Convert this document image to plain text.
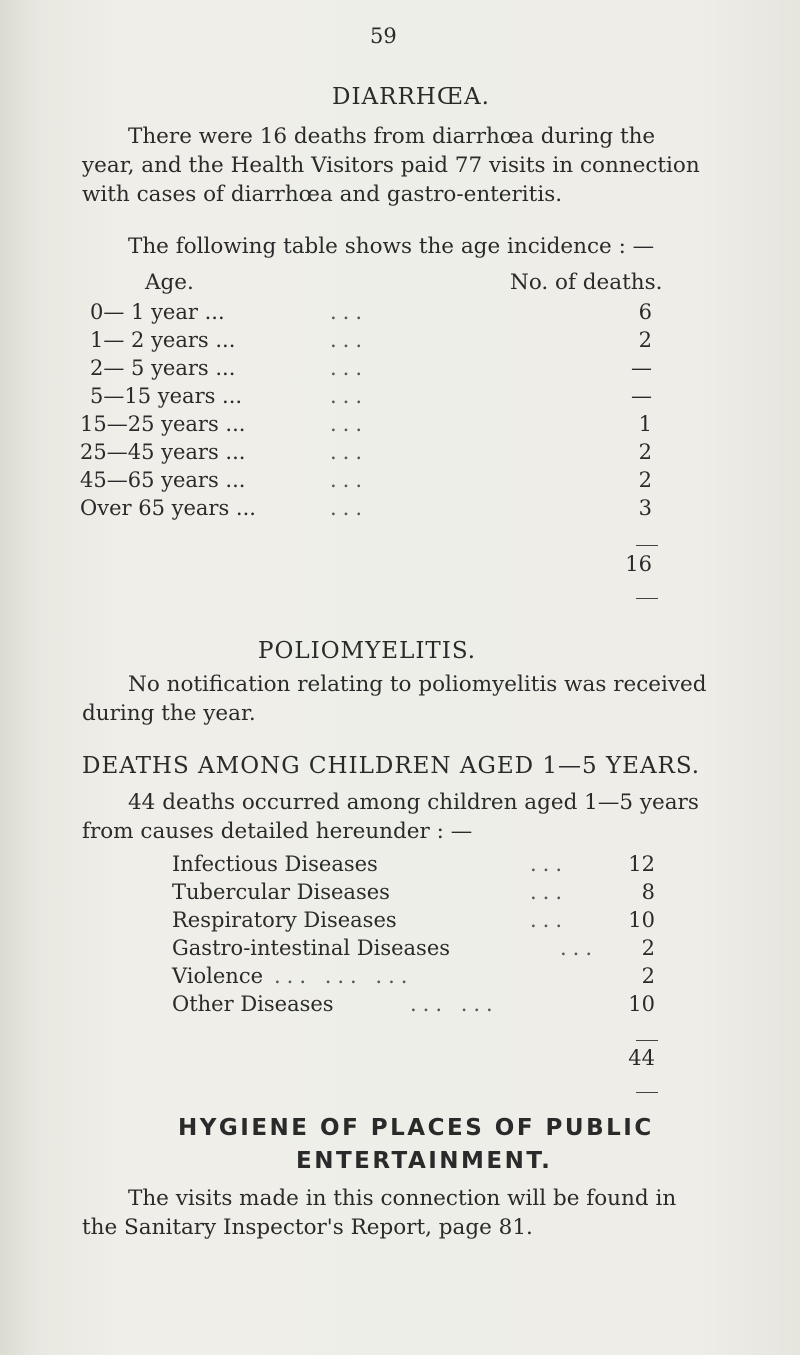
59
DIARRHŒA.
There were 16 deaths from diarrhœa during the
year, and the Health Visitors paid 77 visits in connection
with cases of diarrhœa and gastro-enteritis.
The following table shows the age incidence : —
Age.	No. of deaths.
0— 1 year ...	...	6
1— 2 years ...	...	2
2— 5 years ...	...	—
5—15 years ...	...	—
15—25 years ...	...	1
25—45 years ...	...	2
45—65 years ...	...	2
Over 65 years ...	...	3
16
POLIOMYELITIS.
No notification relating to poliomyelitis was received
during the year.
DEATHS AMONG CHILDREN AGED 1—5 YEARS.
44 deaths occurred among children aged 1—5 years
from causes detailed hereunder : —
Infectious Diseases	...	12
Tubercular Diseases	...	8
Respiratory Diseases	...	10
Gastro-intestinal Diseases	...	2
Violence ... ... ...	2
Other Diseases	... ...	10
44
HYGIENE OF PLACES OF PUBLIC
ENTERTAINMENT.
The visits made in this connection will be found in
the Sanitary Inspector's Report, page 81.
